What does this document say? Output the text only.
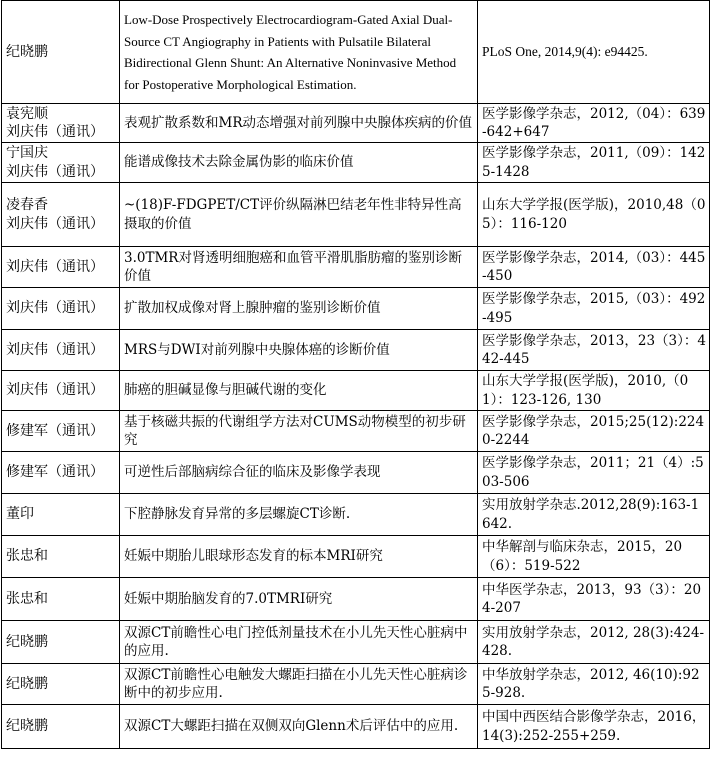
纪晓鹏	Low-Dose Prospectively Electrocardiogram-Gated Axial Dual-Source CT Angiography in Patients with Pulsatile Bilateral Bidirectional Glenn Shunt: An Alternative Noninvasive Method for Postoperative Morphological Estimation.	PLoS One, 2014,9(4): e94425.

袁宪顺
刘庆伟（通讯）	表观扩散系数和MR动态增强对前列腺中央腺体疾病的价值	医学影像学杂志，2012,（04）：639-642+647

宁国庆
刘庆伟（通讯）	能谱成像技术去除金属伪影的临床价值	医学影像学杂志，2011,（09）：1425-1428

凌春香
刘庆伟（通讯）	~(18)F-FDGPET/CT评价纵隔淋巴结老年性非特异性高摄取的价值	山东大学学报(医学版)，2010,48（05）：116-120

刘庆伟（通讯）	3.0TMR对肾透明细胞癌和血管平滑肌脂肪瘤的鉴别诊断价值	医学影像学杂志，2014,（03）：445-450

刘庆伟（通讯）	扩散加权成像对肾上腺肿瘤的鉴别诊断价值	医学影像学杂志，2015,（03）：492-495

刘庆伟（通讯）	MRS与DWI对前列腺中央腺体癌的诊断价值	医学影像学杂志，2013，23（3）：442-445

刘庆伟（通讯）	肺癌的胆碱显像与胆碱代谢的变化	山东大学学报(医学版)，2010,（01）：123-126, 130

修建军（通讯）	基于核磁共振的代谢组学方法对CUMS动物模型的初步研究	医学影像学杂志，2015;25(12):2240-2244

修建军（通讯）	可逆性后部脑病综合征的临床及影像学表现	医学影像学杂志，2011；21（4）:503-506

董印	下腔静脉发育异常的多层螺旋CT诊断.	实用放射学杂志.2012,28(9):163-1642.

张忠和	妊娠中期胎儿眼球形态发育的标本MRI研究	中华解剖与临床杂志，2015，20（6）：519-522

张忠和	妊娠中期胎脑发育的7.0TMRI研究	中华医学杂志，2013，93（3）：204-207

纪晓鹏	双源CT前瞻性心电门控低剂量技术在小儿先天性心脏病中的应用.	实用放射学杂志，2012, 28(3):424-428.

纪晓鹏	双源CT前瞻性心电触发大螺距扫描在小儿先天性心脏病诊断中的初步应用.	中华放射学杂志，2012, 46(10):925-928.

纪晓鹏	双源CT大螺距扫描在双侧双向Glenn术后评估中的应用.	中国中西医结合影像学杂志，2016，14(3):252-255+259.
